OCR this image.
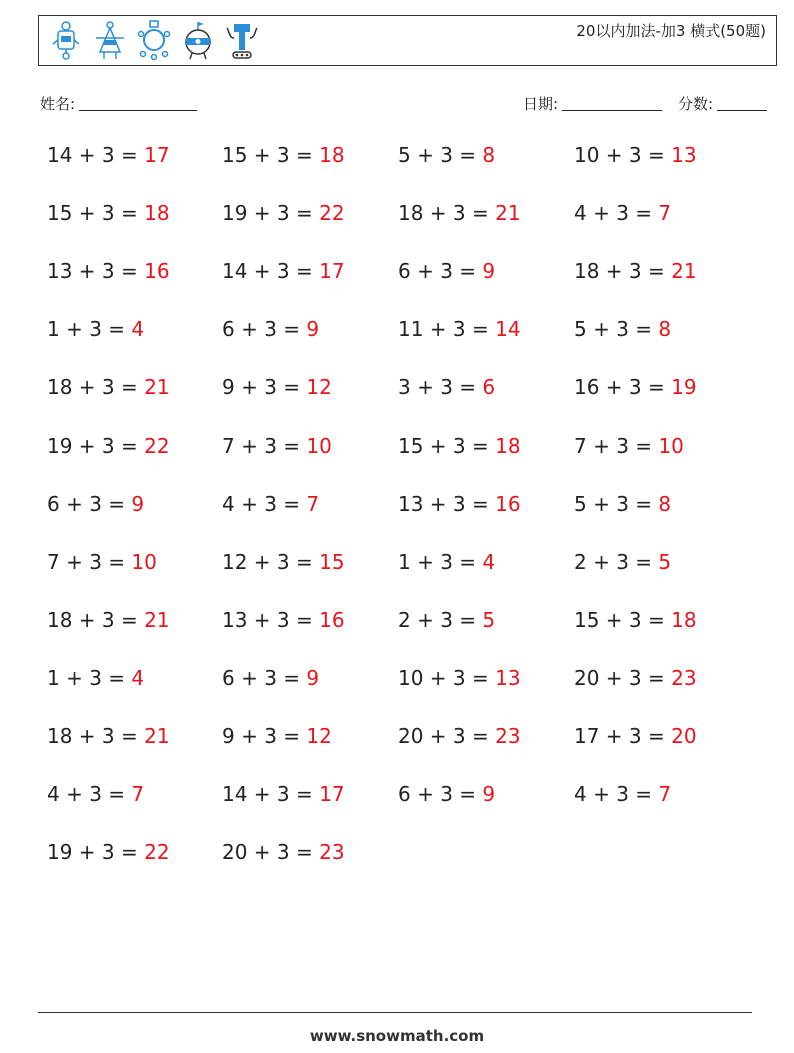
20以内加法-加3 横式(50题)
姓名:	日期:	分数:
14 + 3 = 17	15 + 3 = 18	5 + 3 = 8	10 + 3 = 13
15 + 3 = 18	19 + 3 = 22	18 + 3 = 21	4 + 3 = 7
13 + 3 = 16	14 + 3 = 17	6 + 3 = 9	18 + 3 = 21
1 + 3 = 4	6 + 3 = 9	11 + 3 = 14	5 + 3 = 8
18 + 3 = 21	9 + 3 = 12	3 + 3 = 6	16 + 3 = 19
19 + 3 = 22	7 + 3 = 10	15 + 3 = 18	7 + 3 = 10
6 + 3 = 9	4 + 3 = 7	13 + 3 = 16	5 + 3 = 8
7 + 3 = 10	12 + 3 = 15	1 + 3 = 4	2 + 3 = 5
18 + 3 = 21	13 + 3 = 16	2 + 3 = 5	15 + 3 = 18
1 + 3 = 4	6 + 3 = 9	10 + 3 = 13	20 + 3 = 23
18 + 3 = 21	9 + 3 = 12	20 + 3 = 23	17 + 3 = 20
4 + 3 = 7	14 + 3 = 17	6 + 3 = 9	4 + 3 = 7
19 + 3 = 22	20 + 3 = 23
www.snowmath.com
